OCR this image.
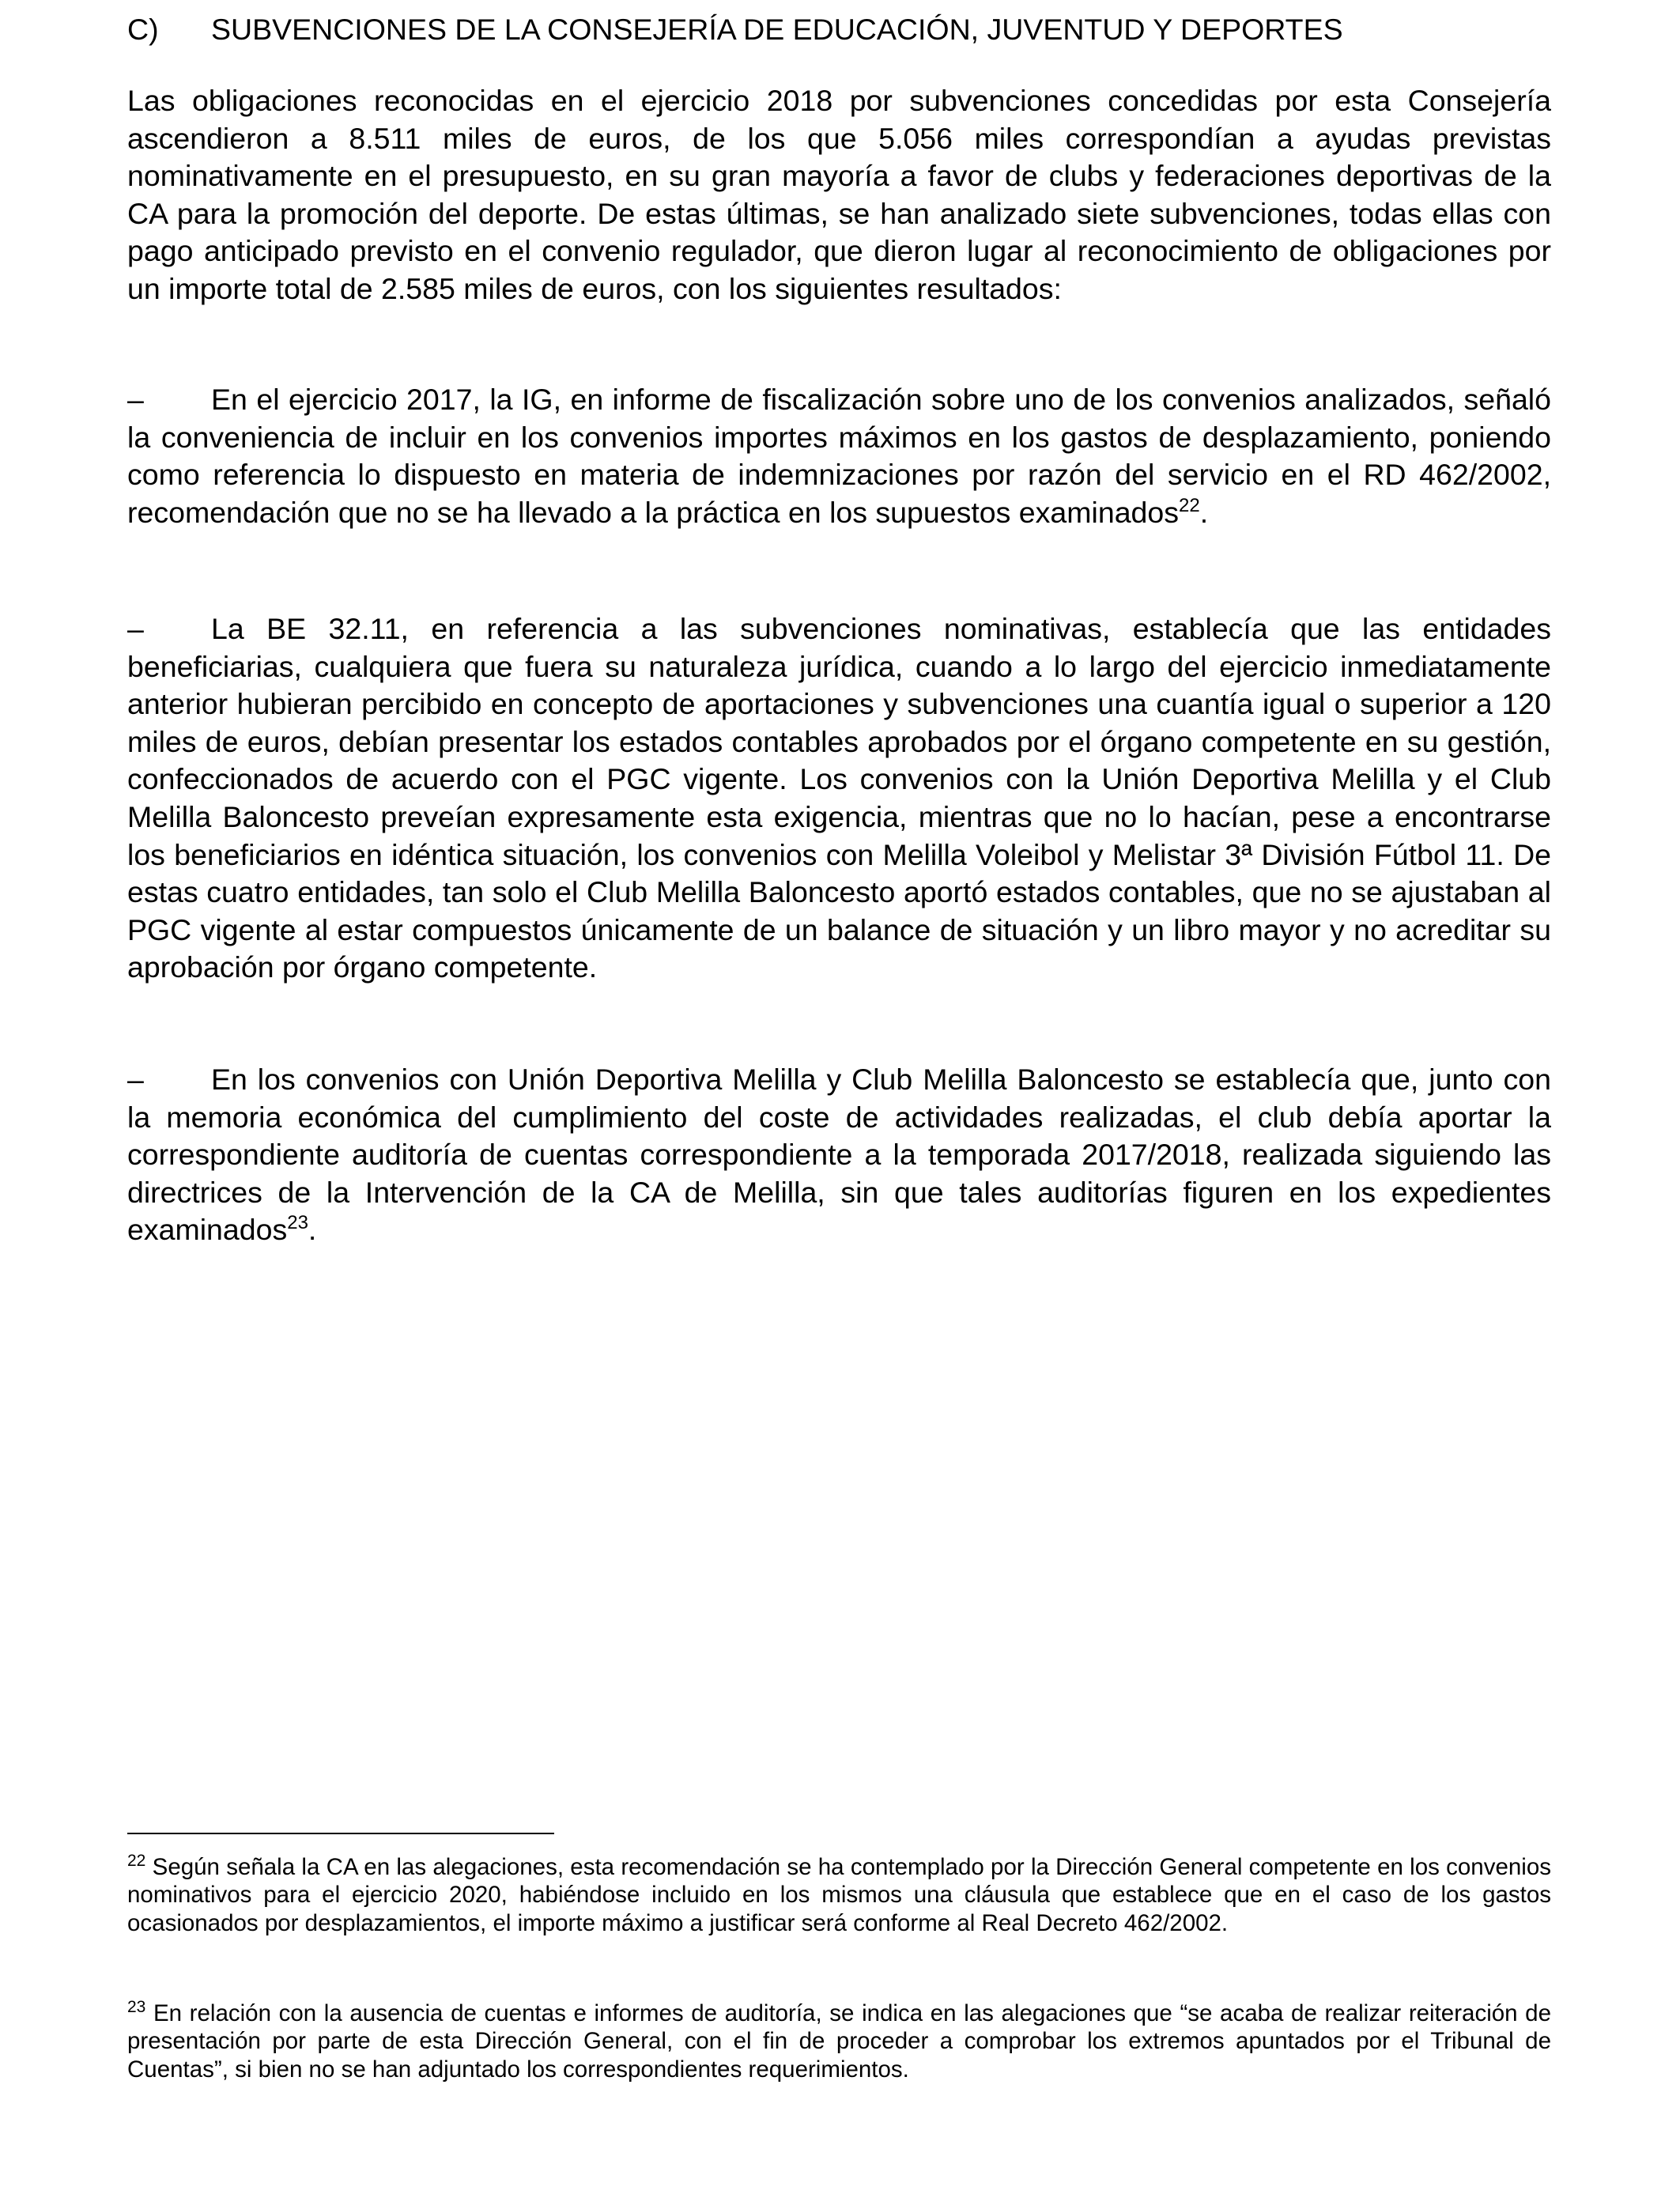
C) SUBVENCIONES DE LA CONSEJERÍA DE EDUCACIÓN, JUVENTUD Y DEPORTES

Las obligaciones reconocidas en el ejercicio 2018 por subvenciones concedidas por esta Consejería ascendieron a 8.511 miles de euros, de los que 5.056 miles correspondían a ayudas previstas nominativamente en el presupuesto, en su gran mayoría a favor de clubs y federaciones deportivas de la CA para la promoción del deporte. De estas últimas, se han analizado siete subvenciones, todas ellas con pago anticipado previsto en el convenio regulador, que dieron lugar al reconocimiento de obligaciones por un importe total de 2.585 miles de euros, con los siguientes resultados:

– En el ejercicio 2017, la IG, en informe de fiscalización sobre uno de los convenios analizados, señaló la conveniencia de incluir en los convenios importes máximos en los gastos de desplazamiento, poniendo como referencia lo dispuesto en materia de indemnizaciones por razón del servicio en el RD 462/2002, recomendación que no se ha llevado a la práctica en los supuestos examinados$^{22}$.

– La BE 32.11, en referencia a las subvenciones nominativas, establecía que las entidades beneficiarias, cualquiera que fuera su naturaleza jurídica, cuando a lo largo del ejercicio inmediatamente anterior hubieran percibido en concepto de aportaciones y subvenciones una cuantía igual o superior a 120 miles de euros, debían presentar los estados contables aprobados por el órgano competente en su gestión, confeccionados de acuerdo con el PGC vigente. Los convenios con la Unión Deportiva Melilla y el Club Melilla Baloncesto preveían expresamente esta exigencia, mientras que no lo hacían, pese a encontrarse los beneficiarios en idéntica situación, los convenios con Melilla Voleibol y Melistar 3ª División Fútbol 11. De estas cuatro entidades, tan solo el Club Melilla Baloncesto aportó estados contables, que no se ajustaban al PGC vigente al estar compuestos únicamente de un balance de situación y un libro mayor y no acreditar su aprobación por órgano competente.

– En los convenios con Unión Deportiva Melilla y Club Melilla Baloncesto se establecía que, junto con la memoria económica del cumplimiento del coste de actividades realizadas, el club debía aportar la correspondiente auditoría de cuentas correspondiente a la temporada 2017/2018, realizada siguiendo las directrices de la Intervención de la CA de Melilla, sin que tales auditorías figuren en los expedientes examinados$^{23}$.

$^{22}$ Según señala la CA en las alegaciones, esta recomendación se ha contemplado por la Dirección General competente en los convenios nominativos para el ejercicio 2020, habiéndose incluido en los mismos una cláusula que establece que en el caso de los gastos ocasionados por desplazamientos, el importe máximo a justificar será conforme al Real Decreto 462/2002.

$^{23}$ En relación con la ausencia de cuentas e informes de auditoría, se indica en las alegaciones que “se acaba de realizar reiteración de presentación por parte de esta Dirección General, con el fin de proceder a comprobar los extremos apuntados por el Tribunal de Cuentas”, si bien no se han adjuntado los correspondientes requerimientos.
